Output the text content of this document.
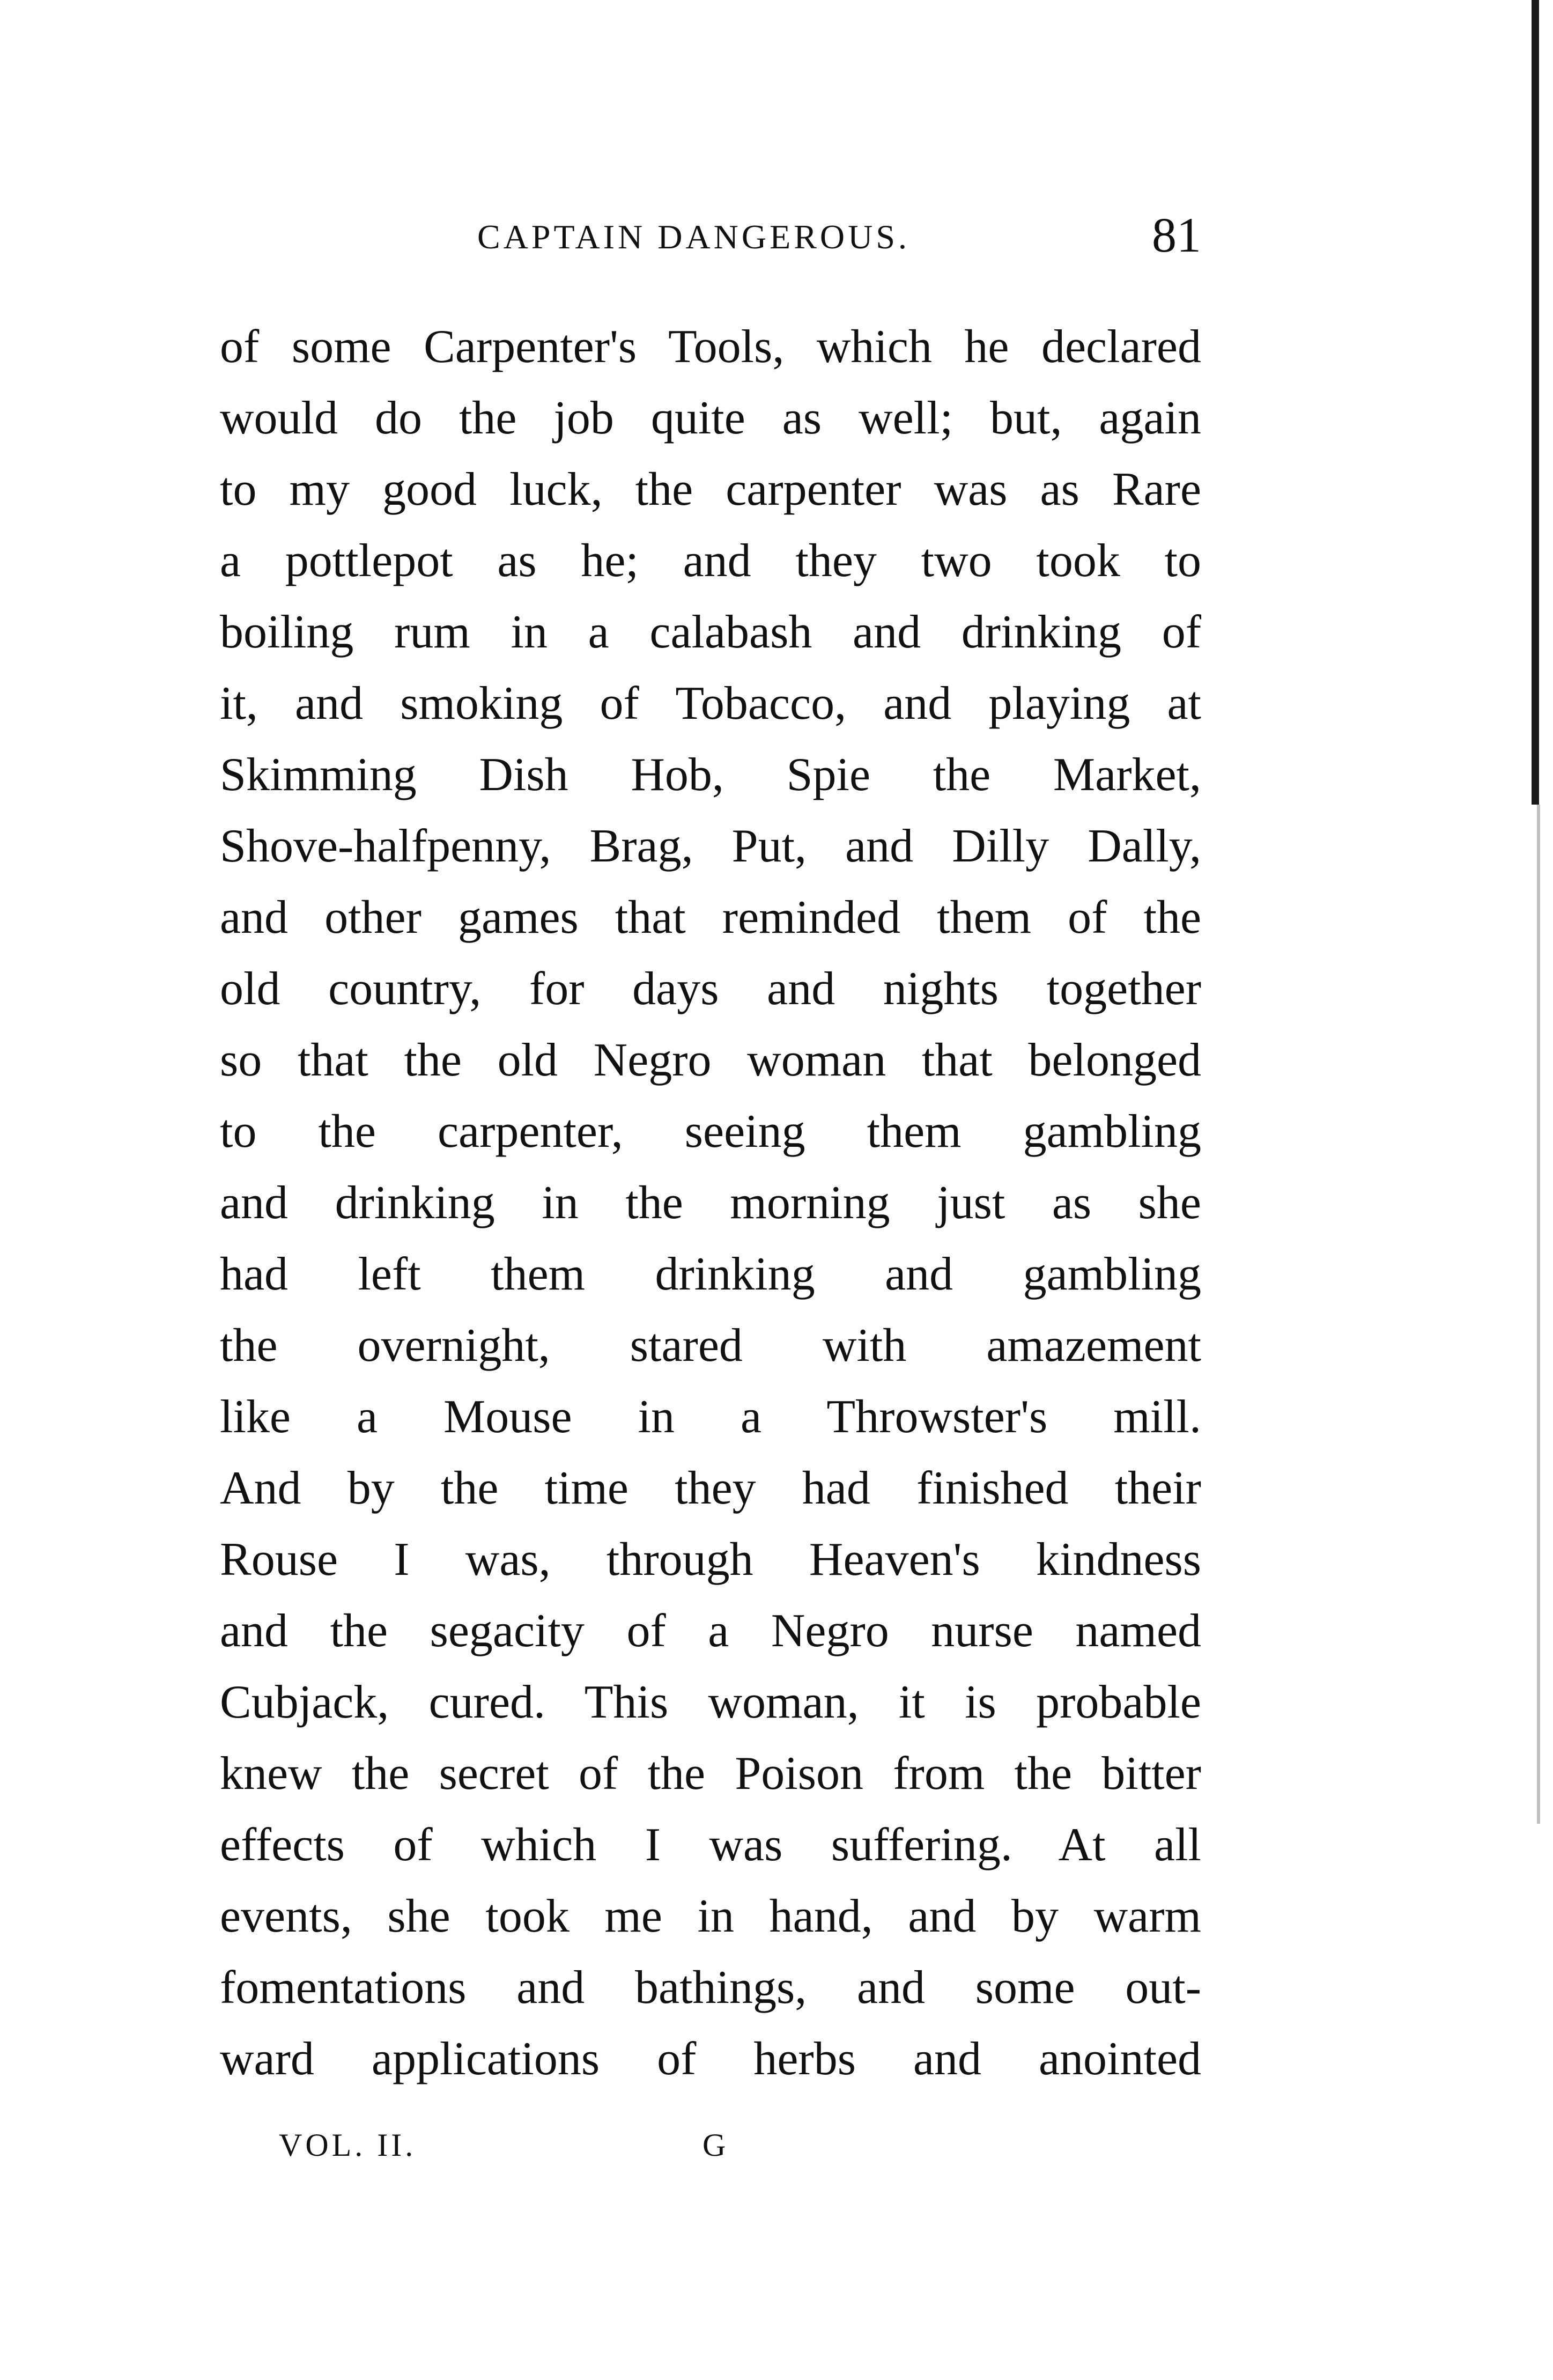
CAPTAIN DANGEROUS.	81
of some Carpenter's Tools, which he declared
would do the job quite as well; but, again
to my good luck, the carpenter was as Rare
a pottlepot as he; and they two took to
boiling rum in a calabash and drinking of
it, and smoking of Tobacco, and playing at
Skimming Dish Hob, Spie the Market,
Shove-halfpenny, Brag, Put, and Dilly Dally,
and other games that reminded them of the
old country, for days and nights together
so that the old Negro woman that belonged
to the carpenter, seeing them gambling
and drinking in the morning just as she
had left them drinking and gambling
the overnight, stared with amazement
like a Mouse in a Throwster's mill.
And by the time they had finished their
Rouse I was, through Heaven's kindness
and the segacity of a Negro nurse named
Cubjack, cured. This woman, it is probable
knew the secret of the Poison from the bitter
effects of which I was suffering. At all
events, she took me in hand, and by warm
fomentations and bathings, and some out-
ward applications of herbs and anointed
VOL. II.	G
